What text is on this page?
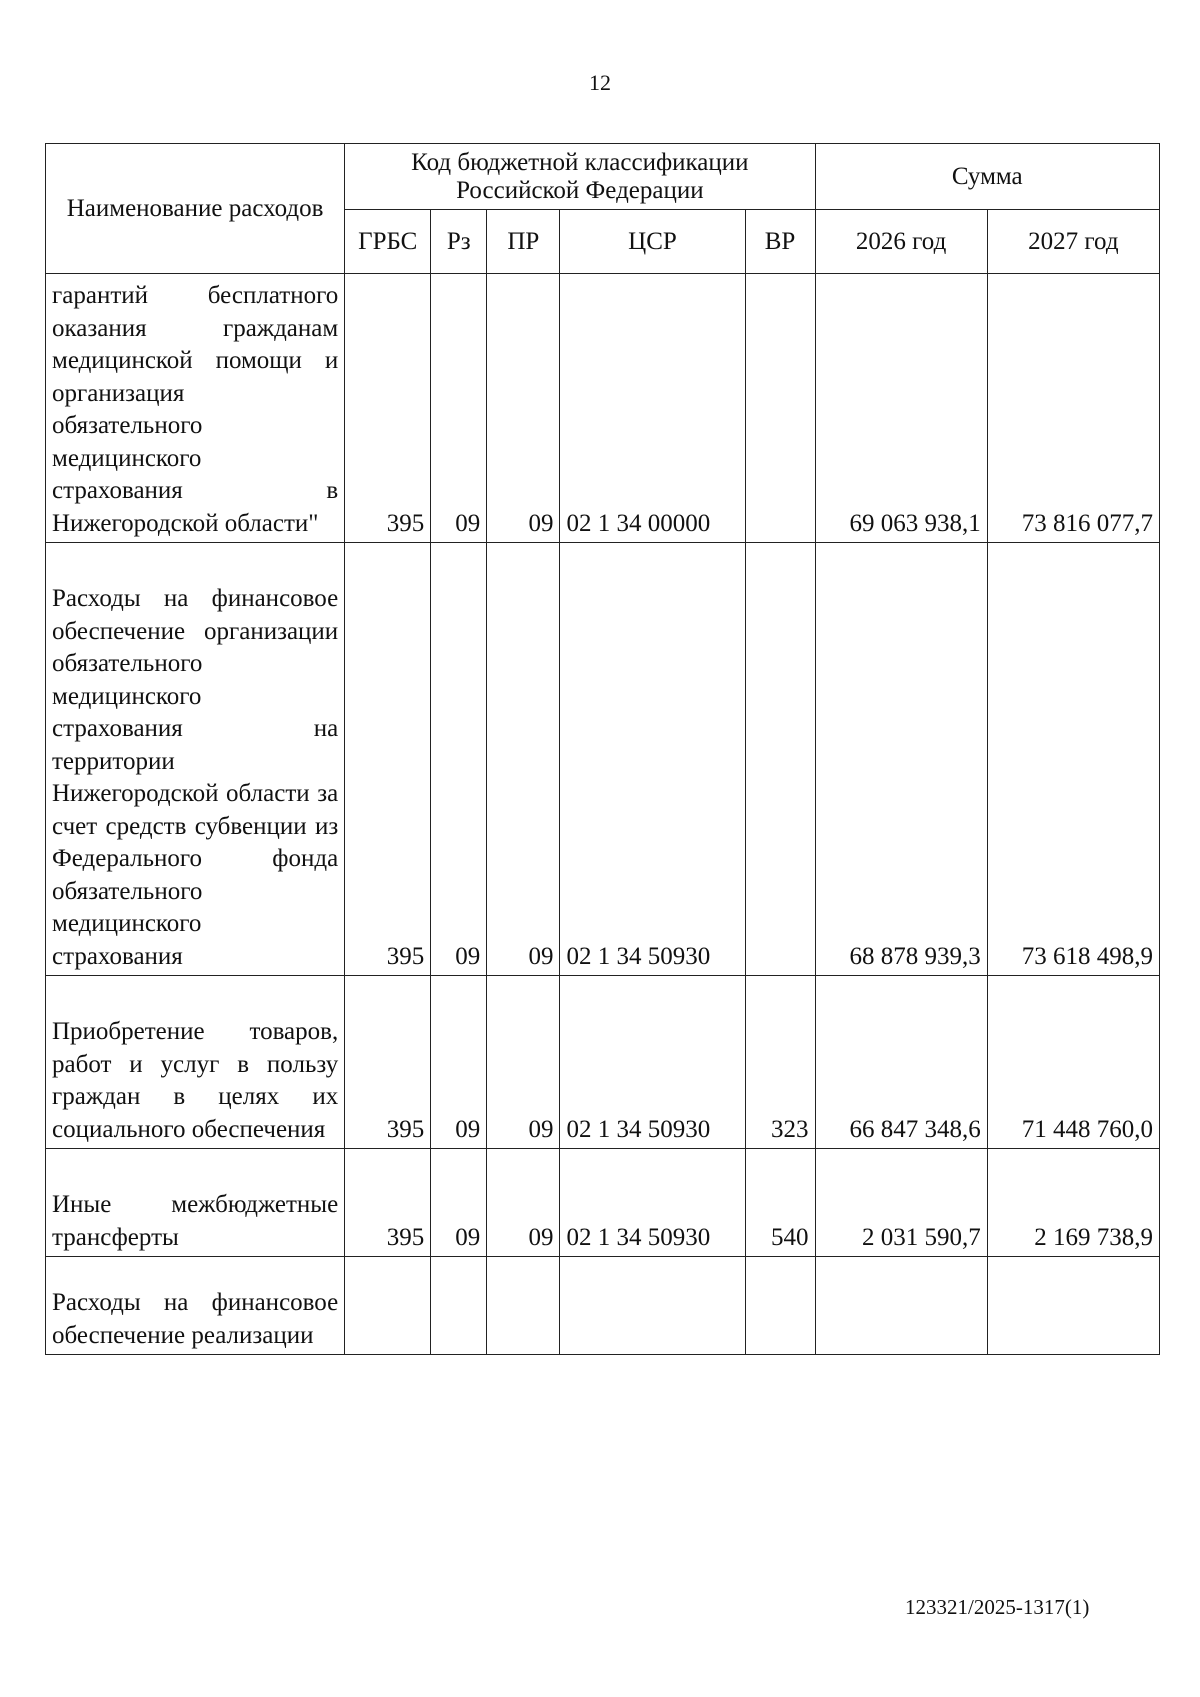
12
Наименование расходов	Код бюджетной классификации Российской Федерации					Сумма	
	ГРБС	Рз	ПР	ЦСР	ВР	2026 год	2027 год
гарантий бесплатного оказания гражданам медицинской помощи и организация обязательного медицинского страхования в Нижегородской области"	395	09	09	02 1 34 00000		69 063 938,1	73 816 077,7
Расходы на финансовое обеспечение организации обязательного медицинского страхования на территории Нижегородской области за счет средств субвенции из Федерального фонда обязательного медицинского страхования	395	09	09	02 1 34 50930		68 878 939,3	73 618 498,9
Приобретение товаров, работ и услуг в пользу граждан в целях их социального обеспечения	395	09	09	02 1 34 50930	323	66 847 348,6	71 448 760,0
Иные межбюджетные трансферты	395	09	09	02 1 34 50930	540	2 031 590,7	2 169 738,9
Расходы на финансовое обеспечение реализации							
123321/2025-1317(1)
